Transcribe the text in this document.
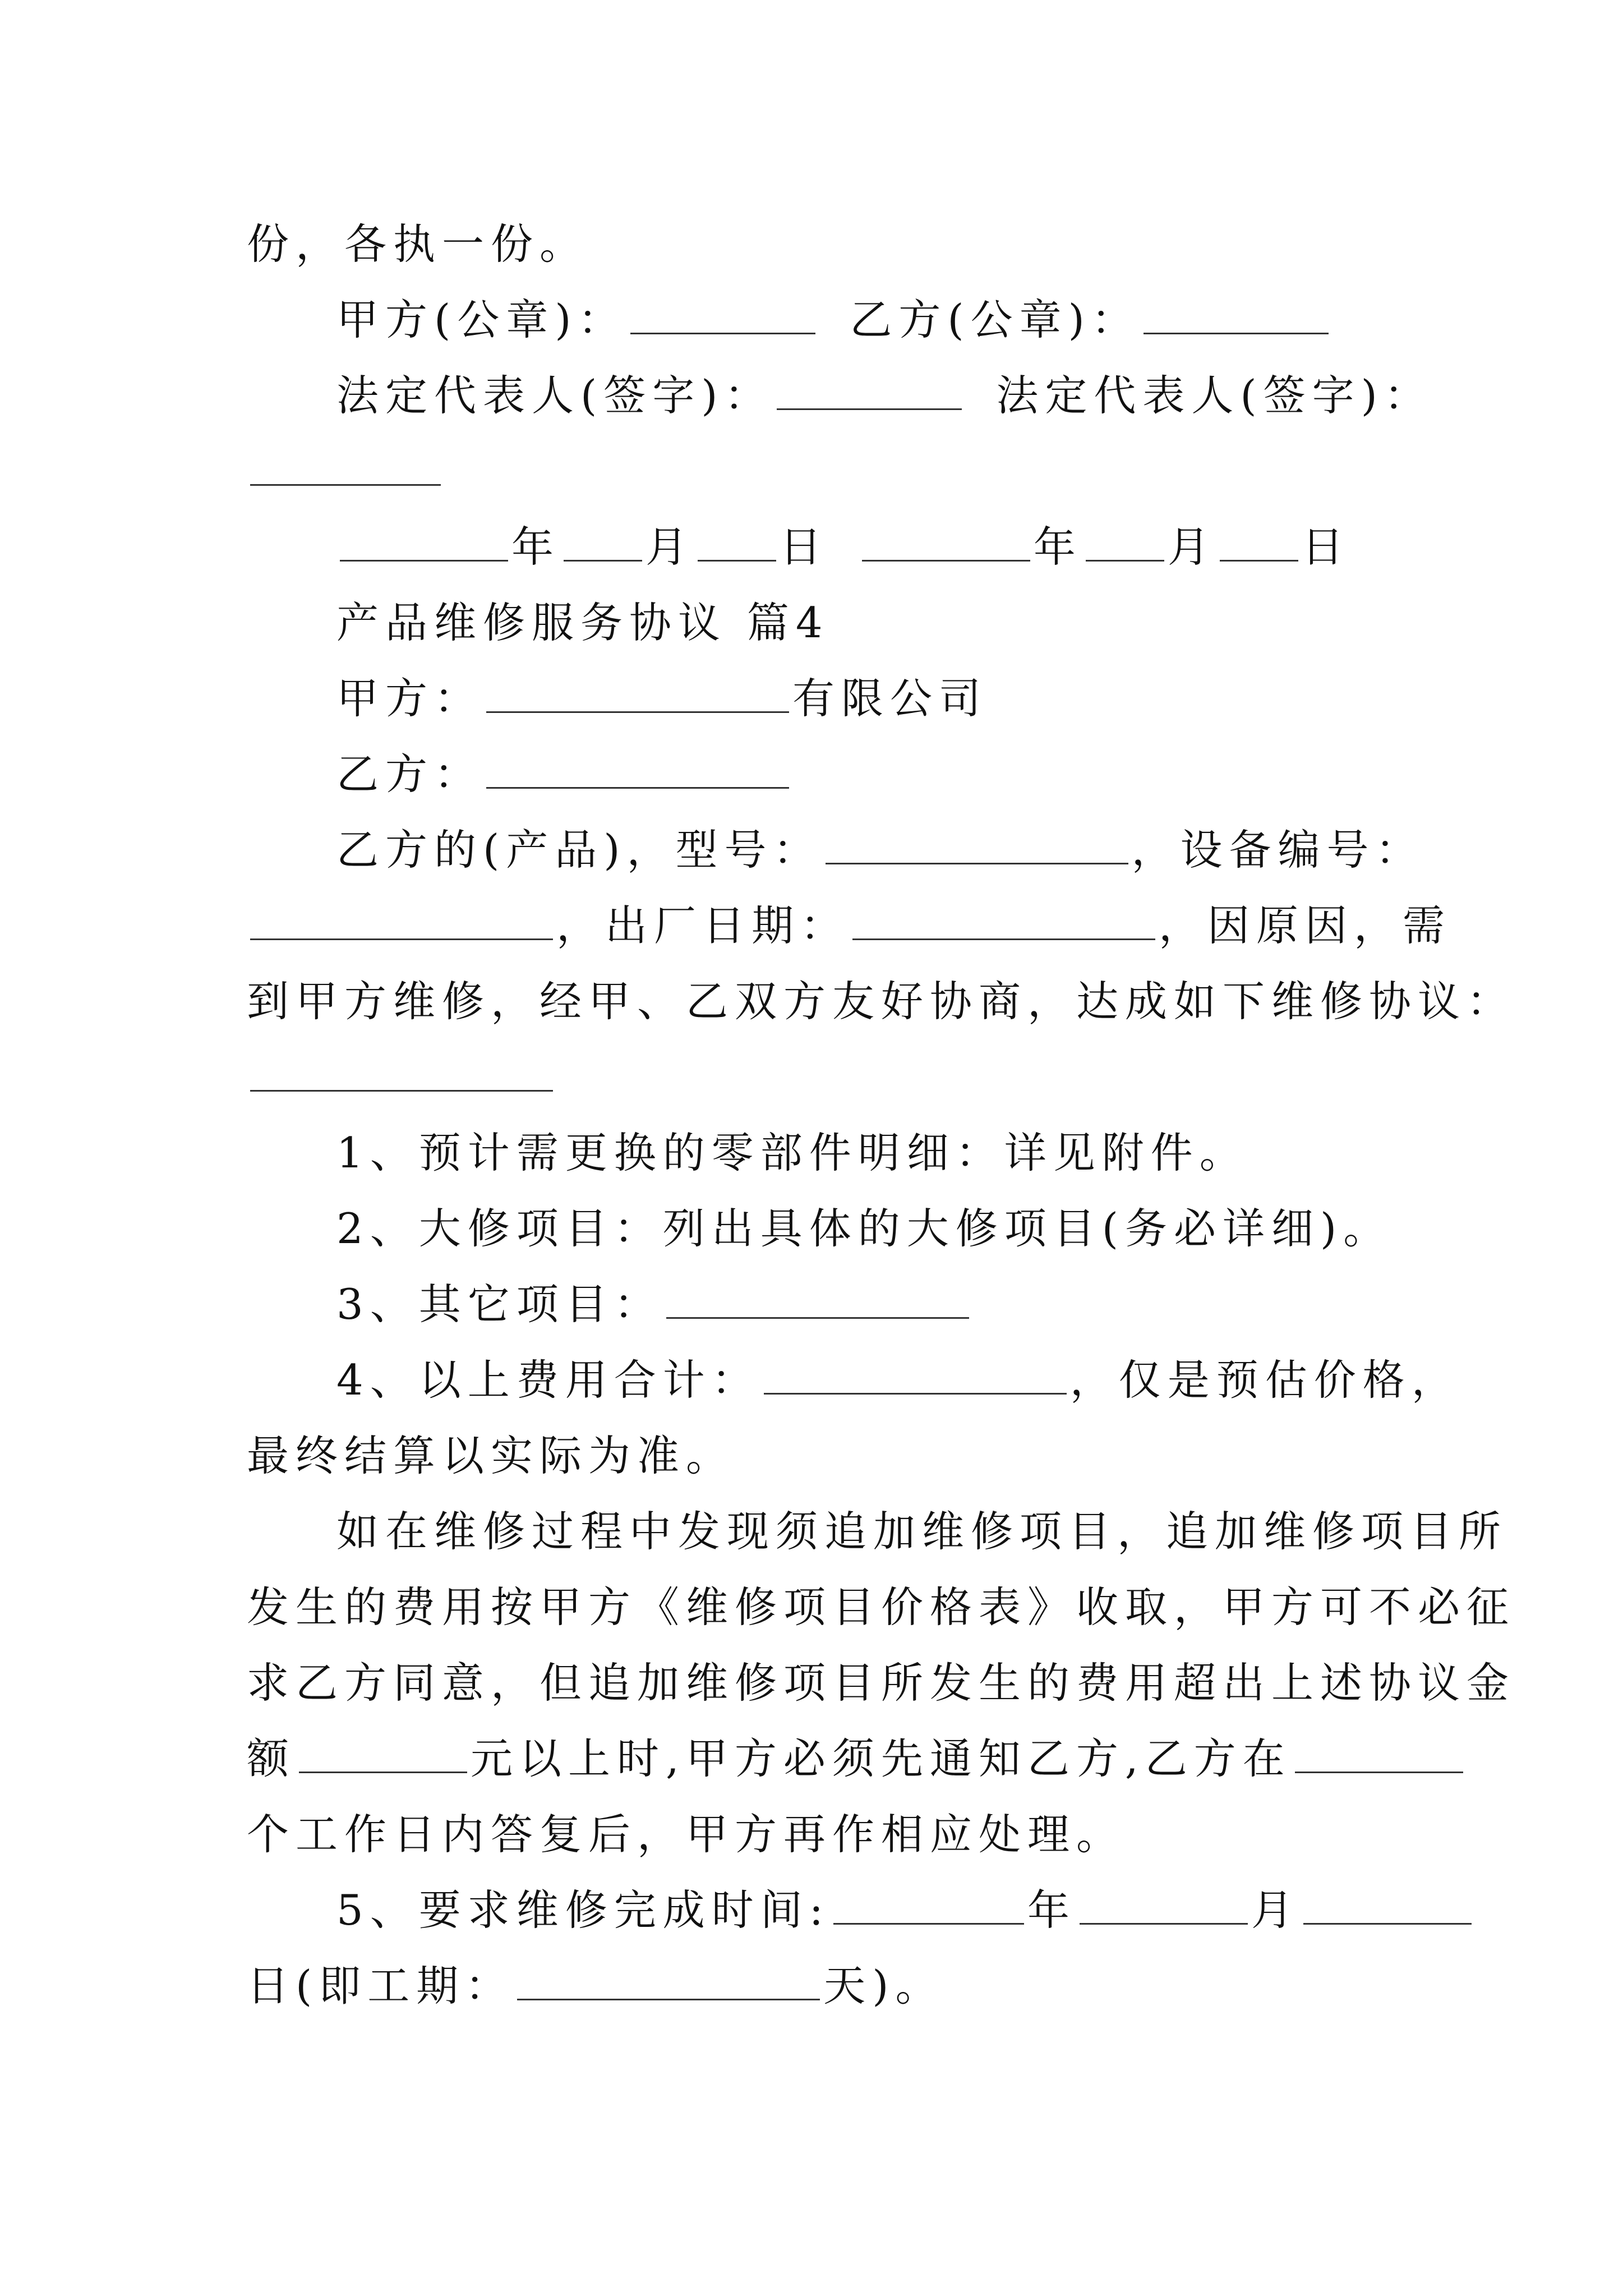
份，各执一份。
甲方(公章)：	乙方(公章)：
法定代表人(签字)：	法定代表人(签字)：
年 月 日	年 月 日
产品维修服务协议 篇4
甲方：	有限公司
乙方：
乙方的(产品)，型号：	，设备编号：
，出厂日期：	，因原因，需
到甲方维修，经甲、乙双方友好协商，达成如下维修协议：
1、预计需更换的零部件明细：详见附件。
2、大修项目：列出具体的大修项目(务必详细)。
3、其它项目：
4、以上费用合计：	，仅是预估价格，
最终结算以实际为准。
如在维修过程中发现须追加维修项目，追加维修项目所
发生的费用按甲方《维修项目价格表》收取，甲方可不必征
求乙方同意，但追加维修项目所发生的费用超出上述协议金
额	元以上时,甲方必须先通知乙方,乙方在
个工作日内答复后，甲方再作相应处理。
5、要求维修完成时间:	年	月
日(即工期：	天)。
